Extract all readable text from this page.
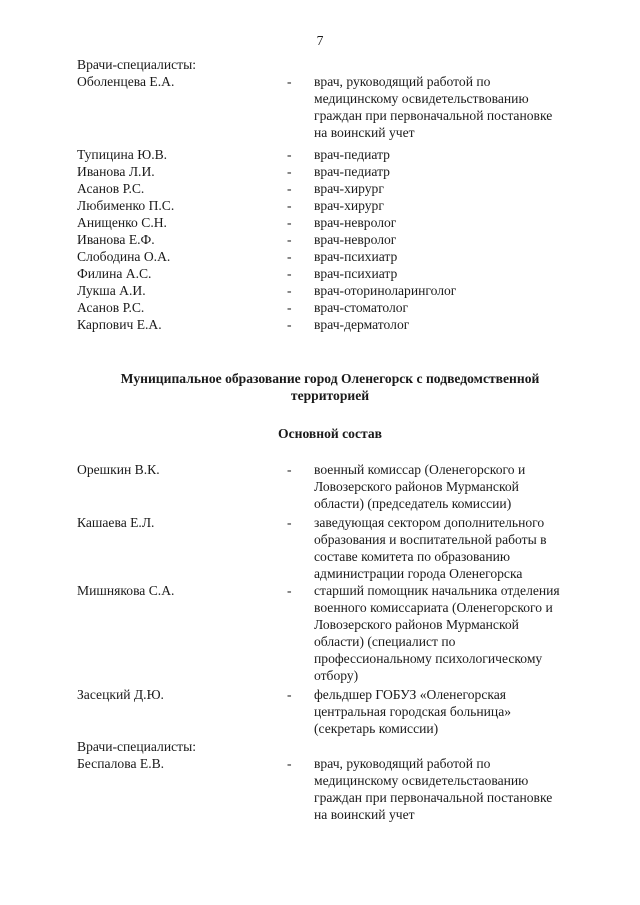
7
Врачи-специалисты:
Оболенцева Е.А.	-	врач, руководящий работой по
медицинскому освидетельствованию
граждан при первоначальной постановке
на воинский учет
Тупицина Ю.В.	-	врач-педиатр
Иванова Л.И.	-	врач-педиатр
Асанов Р.С.	-	врач-хирург
Любименко П.С.	-	врач-хирург
Анищенко С.Н.	-	врач-невролог
Иванова Е.Ф.	-	врач-невролог
Слободина О.А.	-	врач-психиатр
Филина А.С.	-	врач-психиатр
Лукша А.И.	-	врач-оториноларинголог
Асанов Р.С.	-	врач-стоматолог
Карпович Е.А.	-	врач-дерматолог
Муниципальное образование город Оленегорск с подведомственной
территорией
Основной состав
Орешкин В.К.	-	военный комиссар (Оленегорского и
Ловозерского районов Мурманской
области) (председатель комиссии)
Кашаева Е.Л.	-	заведующая сектором дополнительного
образования и воспитательной работы в
составе комитета по образованию
администрации города Оленегорска
Мишнякова С.А.	-	старший помощник начальника отделения
военного комиссариата (Оленегорского и
Ловозерского районов Мурманской
области) (специалист по
профессиональному психологическому
отбору)
Засецкий Д.Ю.	-	фельдшер ГОБУЗ «Оленегорская
центральная городская больница»
(секретарь комиссии)
Врачи-специалисты:
Беспалова Е.В.	-	врач, руководящий работой по
медицинскому освидетельстaованию
граждан при первоначальной постановке
на воинский учет
